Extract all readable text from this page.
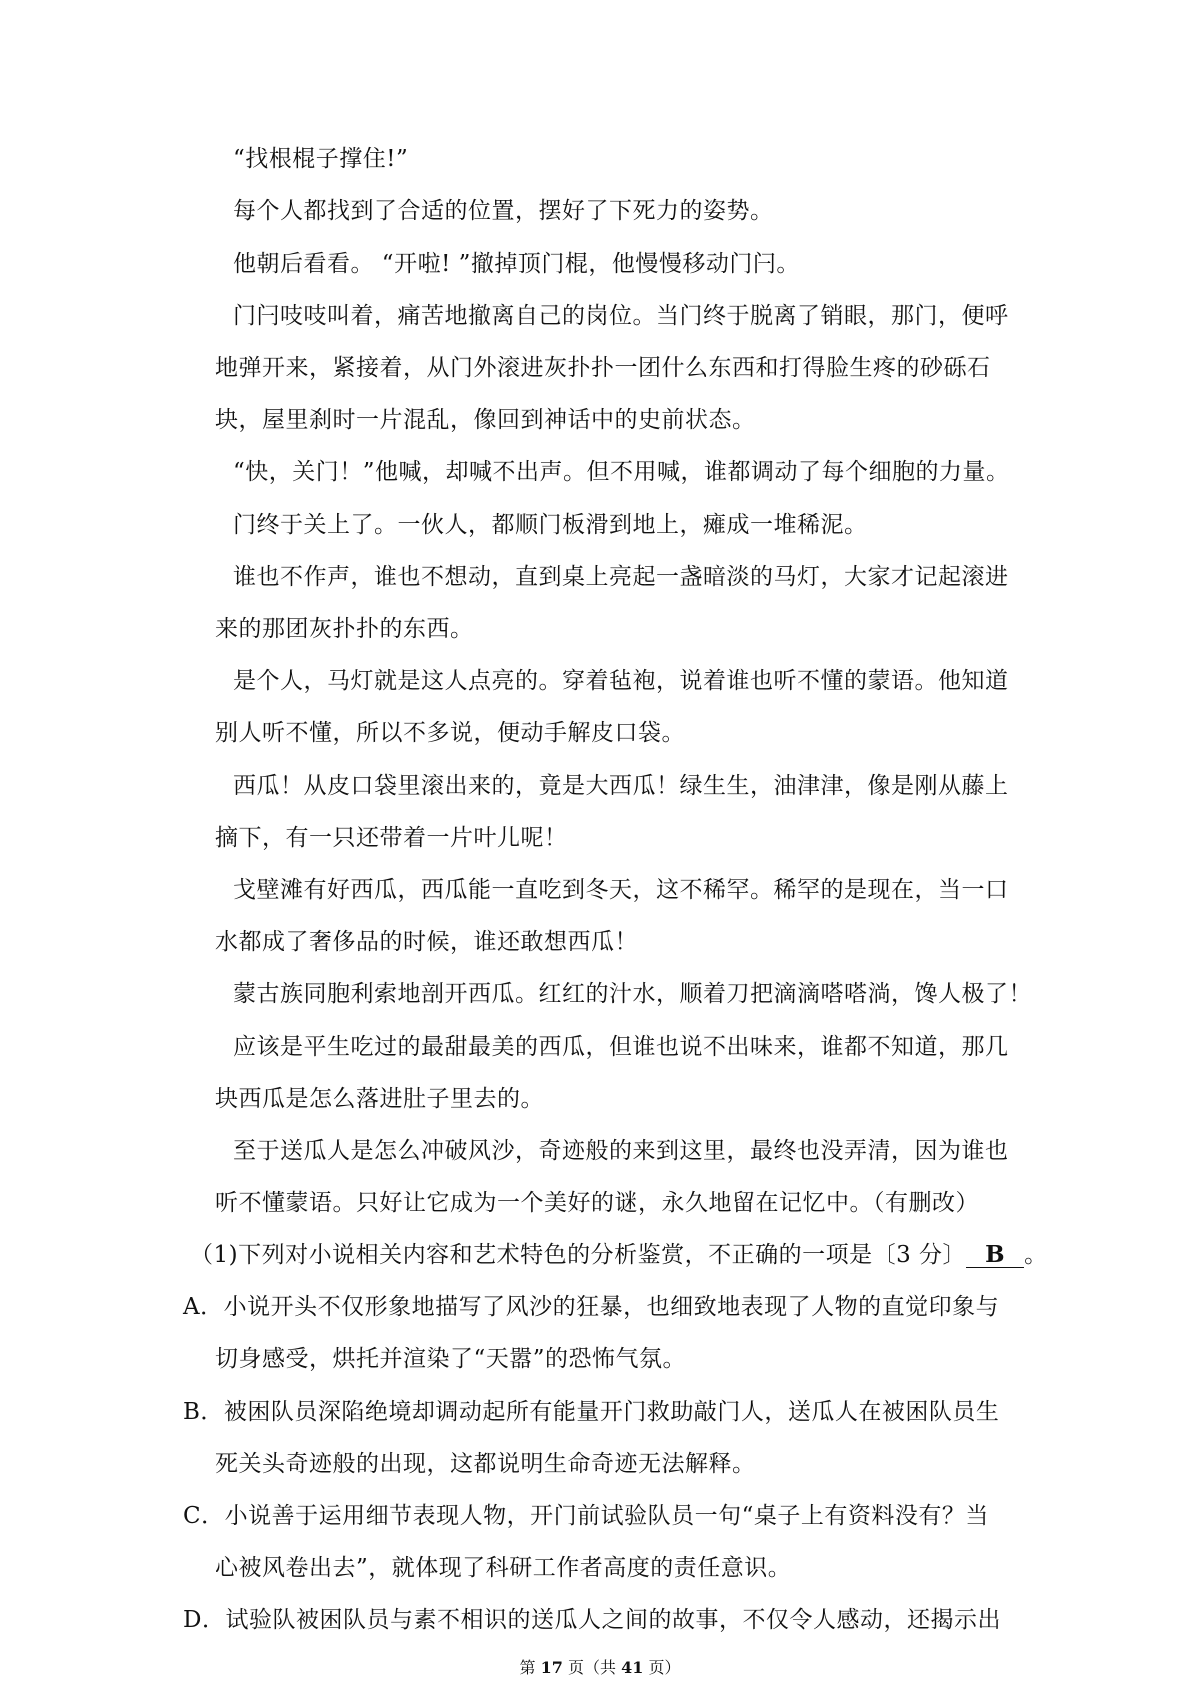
“找根棍子撑住!”
每个人都找到了合适的位置，摆好了下死力的姿势。
他朝后看看。 “开啦! ”撤掉顶门棍，他慢慢移动门闩。
门闩吱吱叫着，痛苦地撤离自己的岗位。当门终于脱离了销眼，那门，便呼
地弹开来，紧接着，从门外滚进灰扑扑一团什么东西和打得脸生疼的砂砾石
块，屋里刹时一片混乱，像回到神话中的史前状态。
“快，关门！”他喊，却喊不出声。但不用喊，谁都调动了每个细胞的力量。
门终于关上了。一伙人，都顺门板滑到地上，瘫成一堆稀泥。
谁也不作声，谁也不想动，直到桌上亮起一盏暗淡的马灯，大家才记起滚进
来的那团灰扑扑的东西。
是个人，马灯就是这人点亮的。穿着毡袍，说着谁也听不懂的蒙语。他知道
别人听不懂，所以不多说，便动手解皮口袋。
西瓜！从皮口袋里滚出来的，竟是大西瓜！绿生生，油津津，像是刚从藤上
摘下，有一只还带着一片叶儿呢！
戈壁滩有好西瓜，西瓜能一直吃到冬天，这不稀罕。稀罕的是现在，当一口
水都成了奢侈品的时候，谁还敢想西瓜！
蒙古族同胞利索地剖开西瓜。红红的汁水，顺着刀把滴滴嗒嗒淌，馋人极了！
应该是平生吃过的最甜最美的西瓜，但谁也说不出味来，谁都不知道，那几
块西瓜是怎么落进肚子里去的。
至于送瓜人是怎么冲破风沙，奇迹般的来到这里，最终也没弄清，因为谁也
听不懂蒙语。只好让它成为一个美好的谜，永久地留在记忆中。（有删改）
（1)下列对小说相关内容和艺术特色的分析鉴赏，不正确的一项是〔3 分〕 B 。
A．小说开头不仅形象地描写了风沙的狂暴，也细致地表现了人物的直觉印象与
切身感受，烘托并渲染了“天嚣”的恐怖气氛。
B．被困队员深陷绝境却调动起所有能量开门救助敲门人，送瓜人在被困队员生
死关头奇迹般的出现，这都说明生命奇迹无法解释。
C．小说善于运用细节表现人物，开门前试验队员一句“桌子上有资料没有？当
心被风卷出去”，就体现了科研工作者高度的责任意识。
D．试验队被困队员与素不相识的送瓜人之间的故事，不仅令人感动，还揭示出
第 17 页（共 41 页）
